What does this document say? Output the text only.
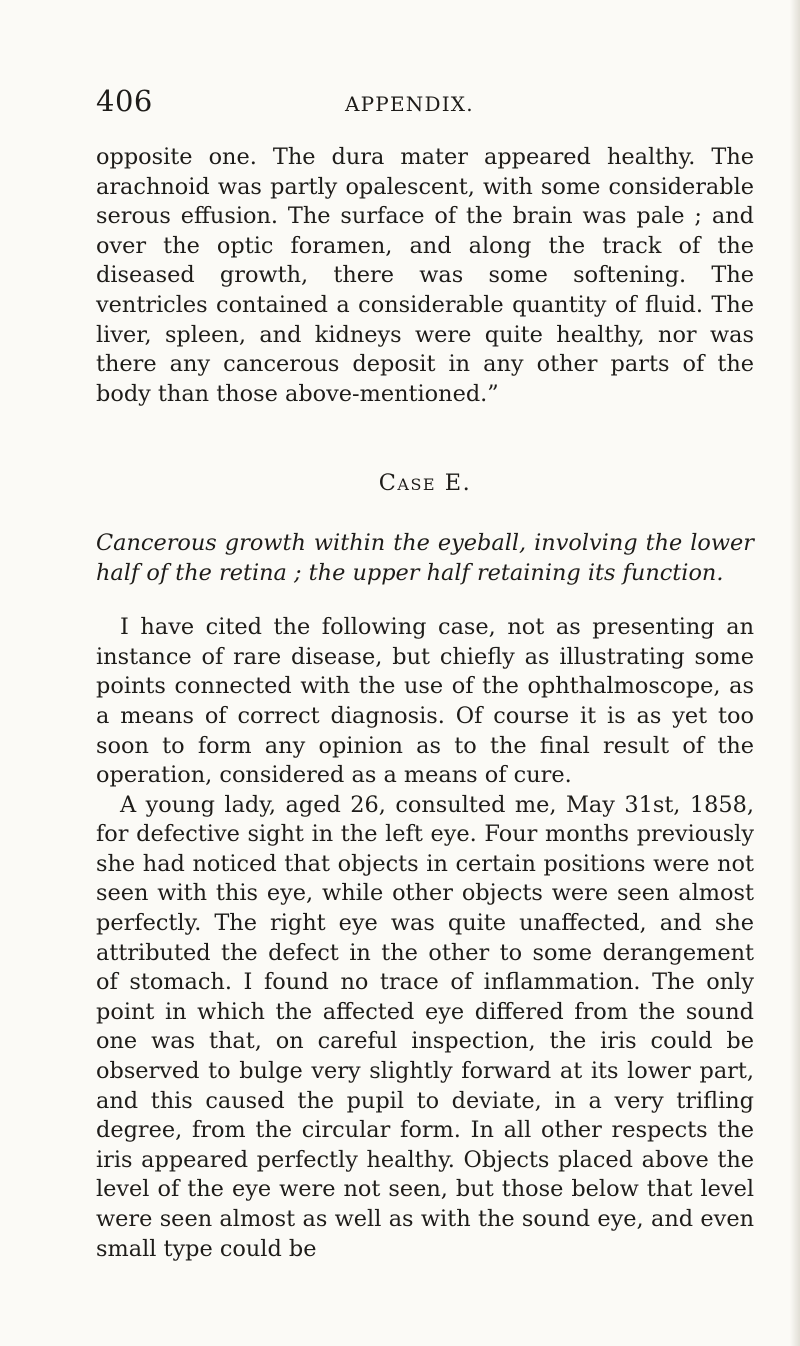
406	APPENDIX.

opposite one. The dura mater appeared healthy. The arachnoid was partly opalescent, with some considerable serous effusion. The surface of the brain was pale ; and over the optic foramen, and along the track of the diseased growth, there was some softening. The ventricles contained a considerable quantity of fluid. The liver, spleen, and kidneys were quite healthy, nor was there any cancerous deposit in any other parts of the body than those above-mentioned.”

Case E.

Cancerous growth within the eyeball, involving the lower half of the retina ; the upper half retaining its function.

I have cited the following case, not as presenting an instance of rare disease, but chiefly as illustrating some points connected with the use of the ophthalmoscope, as a means of correct diagnosis. Of course it is as yet too soon to form any opinion as to the final result of the operation, considered as a means of cure.

A young lady, aged 26, consulted me, May 31st, 1858, for defective sight in the left eye. Four months previously she had noticed that objects in certain positions were not seen with this eye, while other objects were seen almost perfectly. The right eye was quite unaffected, and she attributed the defect in the other to some derangement of stomach. I found no trace of inflammation. The only point in which the affected eye differed from the sound one was that, on careful inspection, the iris could be observed to bulge very slightly forward at its lower part, and this caused the pupil to deviate, in a very trifling degree, from the circular form. In all other respects the iris appeared perfectly healthy. Objects placed above the level of the eye were not seen, but those below that level were seen almost as well as with the sound eye, and even small type could be
